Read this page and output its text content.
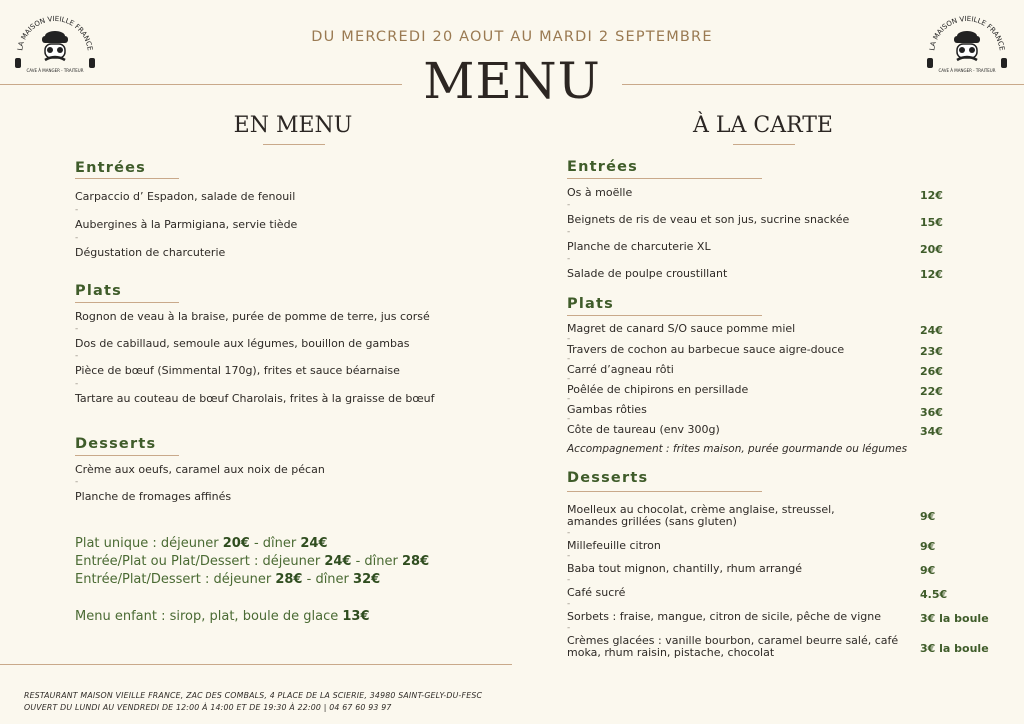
LA MAISON VIEILLE FRANCE
CAVE À MANGER - TRAITEUR
LA MAISON VIEILLE FRANCE
CAVE À MANGER - TRAITEUR
DU MERCREDI 20 AOUT AU MARDI 2 SEPTEMBRE
MENU
EN MENU
Entrées
Carpaccio d’ Espadon, salade de fenouil
-
Aubergines à la Parmigiana, servie tiède
-
Dégustation de charcuterie
Plats
Rognon de veau à la braise, purée de pomme de terre, jus corsé
-
Dos de cabillaud, semoule aux légumes, bouillon de gambas
-
Pièce de bœuf (Simmental 170g), frites et sauce béarnaise
-
Tartare au couteau de bœuf Charolais, frites à la graisse de bœuf
Desserts
Crème aux oeufs, caramel aux noix de pécan
-
Planche de fromages affinés
Plat unique : déjeuner 20€ - dîner 24€
Entrée/Plat ou Plat/Dessert : déjeuner 24€ - dîner 28€
Entrée/Plat/Dessert : déjeuner 28€ - dîner 32€
Menu enfant : sirop, plat, boule de glace 13€
À LA CARTE
Entrées
Os à moëlle	12€
-
Beignets de ris de veau et son jus, sucrine snackée	15€
-
Planche de charcuterie XL	20€
-
Salade de poulpe croustillant	12€
Plats
Magret de canard S/O sauce pomme miel	24€
-
Travers de cochon au barbecue sauce aigre-douce	23€
-
Carré d’agneau rôti	26€
-
Poêlée de chipirons en persillade	22€
-
Gambas rôties	36€
-
Côte de taureau (env 300g)	34€
Accompagnement : frites maison, purée gourmande ou légumes
Desserts
Moelleux au chocolat, crème anglaise, streussel,
amandes grillées (sans gluten)	9€
-
Millefeuille citron	9€
-
Baba tout mignon, chantilly, rhum arrangé	9€
-
Café sucré	4.5€
-
Sorbets : fraise, mangue, citron de sicile, pêche de vigne	3€ la boule
-
Crèmes glacées : vanille bourbon, caramel beurre salé, café
moka, rhum raisin, pistache, chocolat	3€ la boule
RESTAURANT MAISON VIEILLE FRANCE, ZAC DES COMBALS, 4 PLACE DE LA SCIERIE, 34980 SAINT-GELY-DU-FESC
OUVERT DU LUNDI AU VENDREDI DE 12:00 À 14:00 ET DE 19:30 À 22:00 | 04 67 60 93 97
